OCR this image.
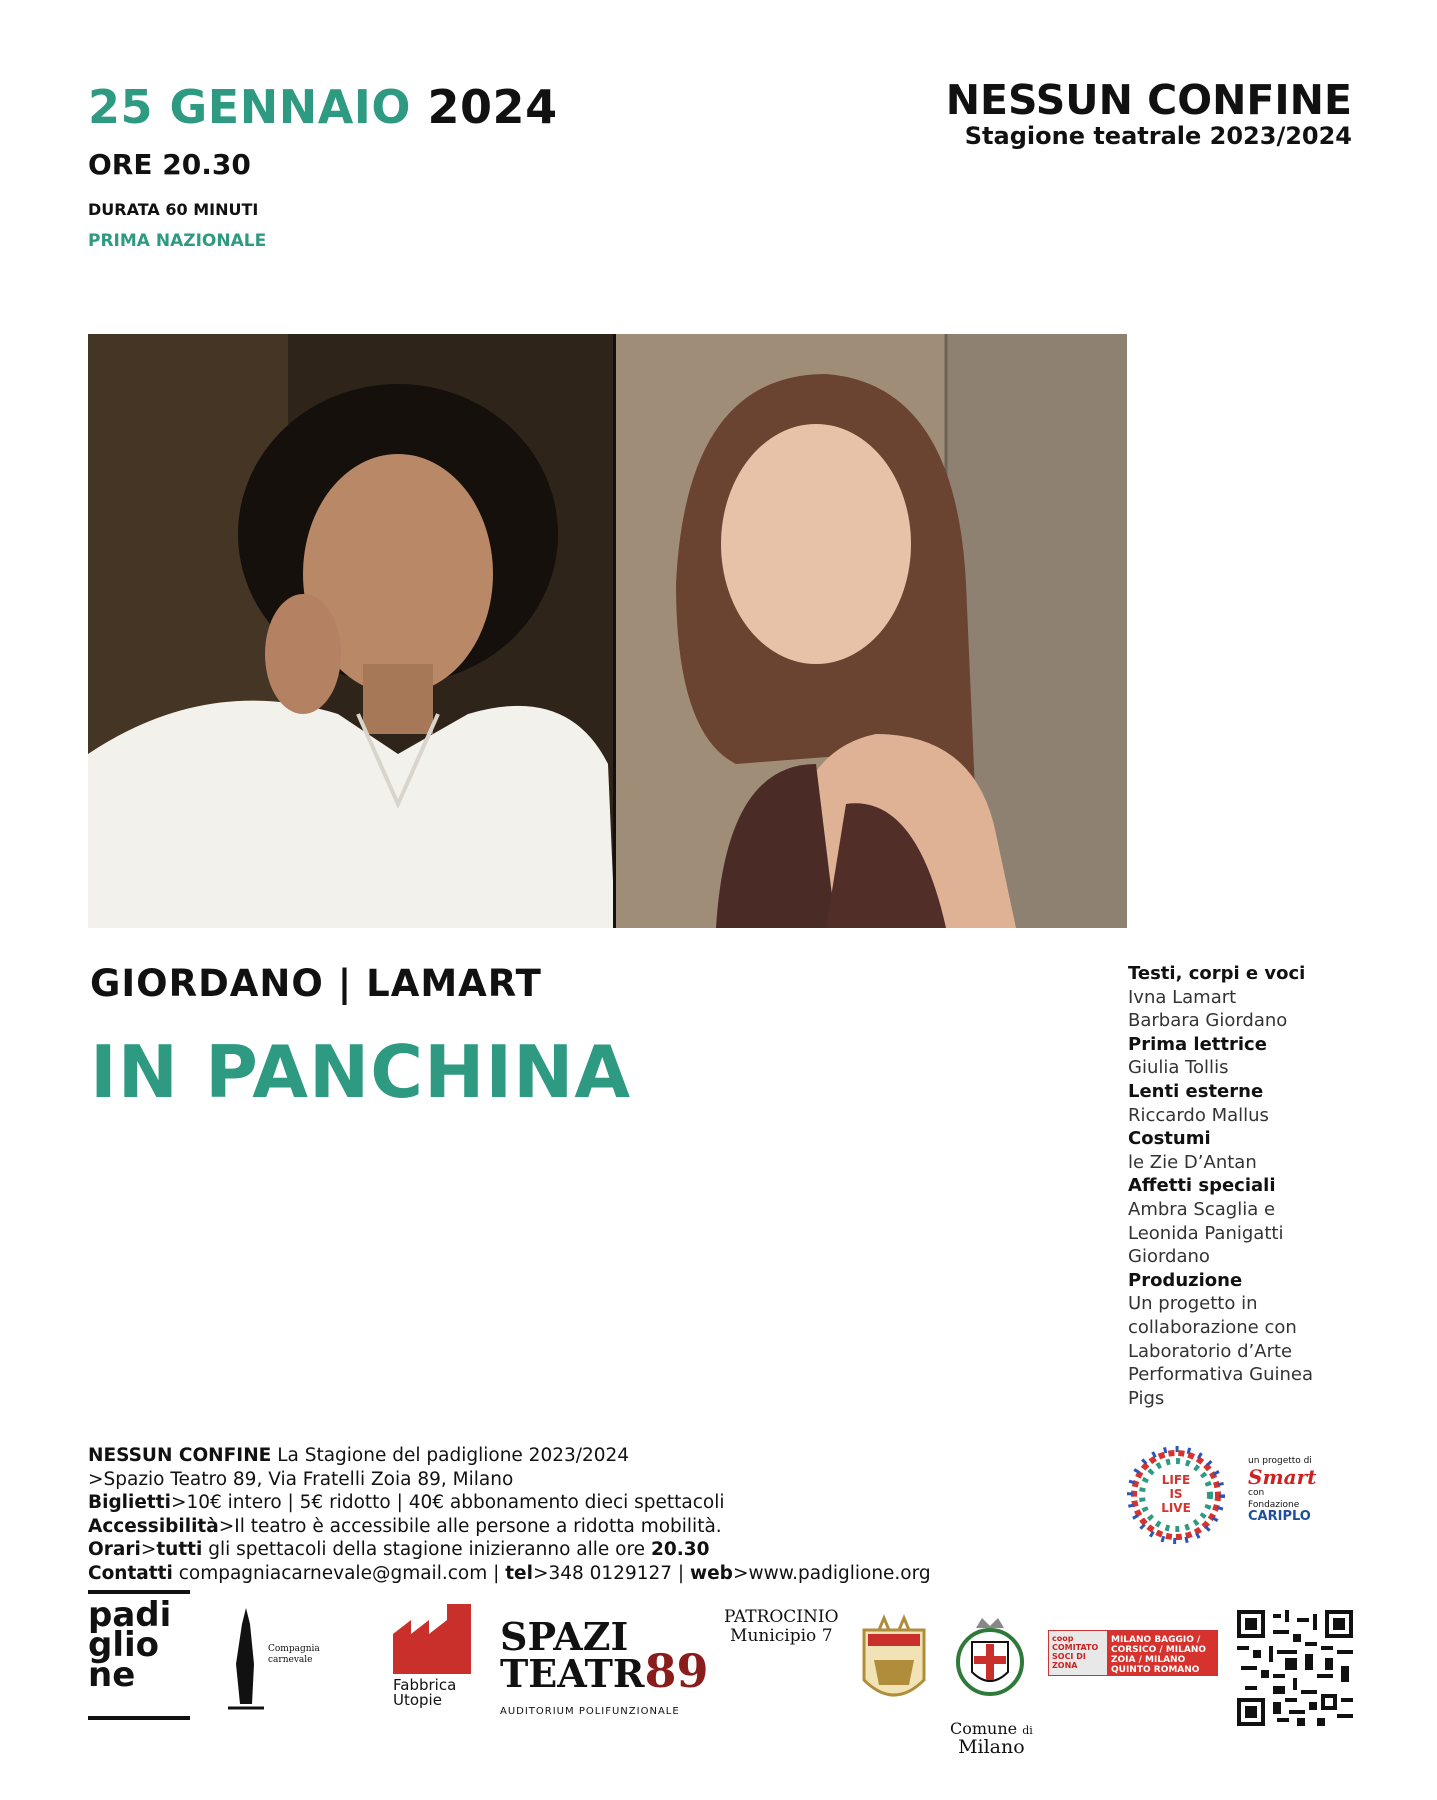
25 GENNAIO 2024
ORE 20.30
DURATA 60 MINUTI
PRIMA NAZIONALE
NESSUN CONFINE
Stagione teatrale 2023/2024
GIORDANO | LAMART
IN PANCHINA
Testi, corpi e voci
Ivna Lamart
Barbara Giordano
Prima lettrice
Giulia Tollis
Lenti esterne
Riccardo Mallus
Costumi
le Zie D’Antan
Affetti speciali
Ambra Scaglia e
Leonida Panigatti
Giordano
Produzione
Un progetto in
collaborazione con
Laboratorio d’Arte
Performativa Guinea
Pigs
NESSUN CONFINE La Stagione del padiglione 2023/2024
>Spazio Teatro 89, Via Fratelli Zoia 89, Milano
Biglietti>10€ intero | 5€ ridotto | 40€ abbonamento dieci spettacoli
Accessibilità>Il teatro è accessibile alle persone a ridotta mobilità.
Orari>tutti gli spettacoli della stagione inizieranno alle ore 20.30
Contatti compagniacarnevale@gmail.com | tel>348 0129127 | web>www.padiglione.org
LIFE
IS
LIVE
un progetto di
Smart
con
Fondazione
CARIPLO
padi
glio
ne
Compagnia
carnevale
Fabbrica
Utopie
SPAZI
TEATR89
AUDITORIUM POLIFUNZIONALE
PATROCINIO
Municipio 7
Comune di
Milano
coop COMITATO SOCI DI ZONA
MILANO BAGGIO / CORSICO / MILANO ZOIA / MILANO QUINTO ROMANO
